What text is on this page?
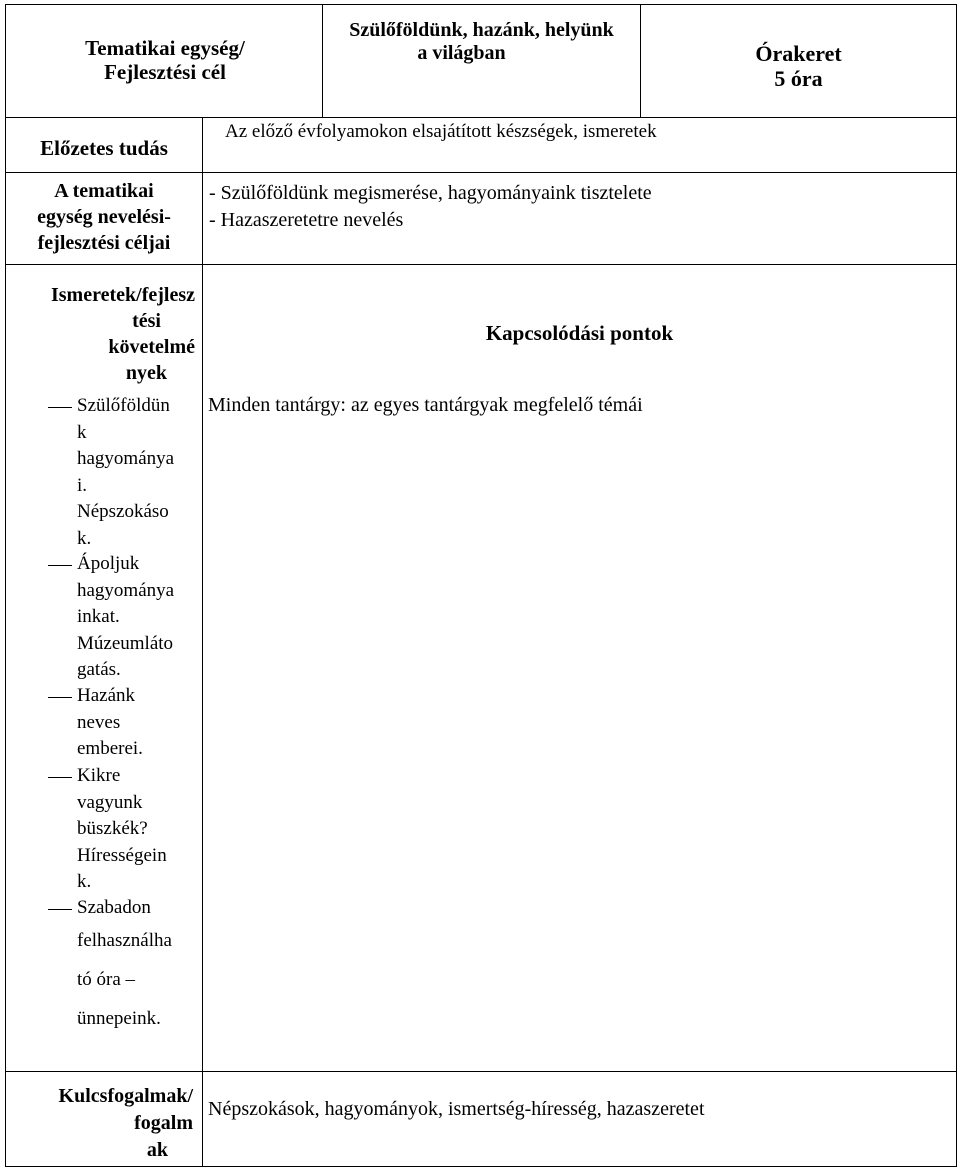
Tematikai egység/
Fejlesztési cél
Szülőföldünk, hazánk, helyünk
a világban	Órakeret
5 óra
Előzetes tudás
Az előző évfolyamokon elsajátított készségek, ismeretek
A tematikai
egység nevelési-
fejlesztési céljai
- Szülőföldünk megismerése, hagyományaink tisztelete
- Hazaszeretetre nevelés
Ismeretek/fejlesz
tési
követelmé
nyek
Kapcsolódási pontok
Minden tantárgy: az egyes tantárgyak megfelelő témái
Szülőföldün
k
hagyománya
i.
Népszokáso
k.
Ápoljuk
hagyománya
inkat.
Múzeumláto
gatás.
Hazánk
neves
emberei.
Kikre
vagyunk
büszkék?
Hírességein
k.
Szabadon
felhasználha
tó óra –
ünnepeink.
Kulcsfogalmak/
fogalm
ak
Népszokások, hagyományok, ismertség-híresség, hazaszeretet
